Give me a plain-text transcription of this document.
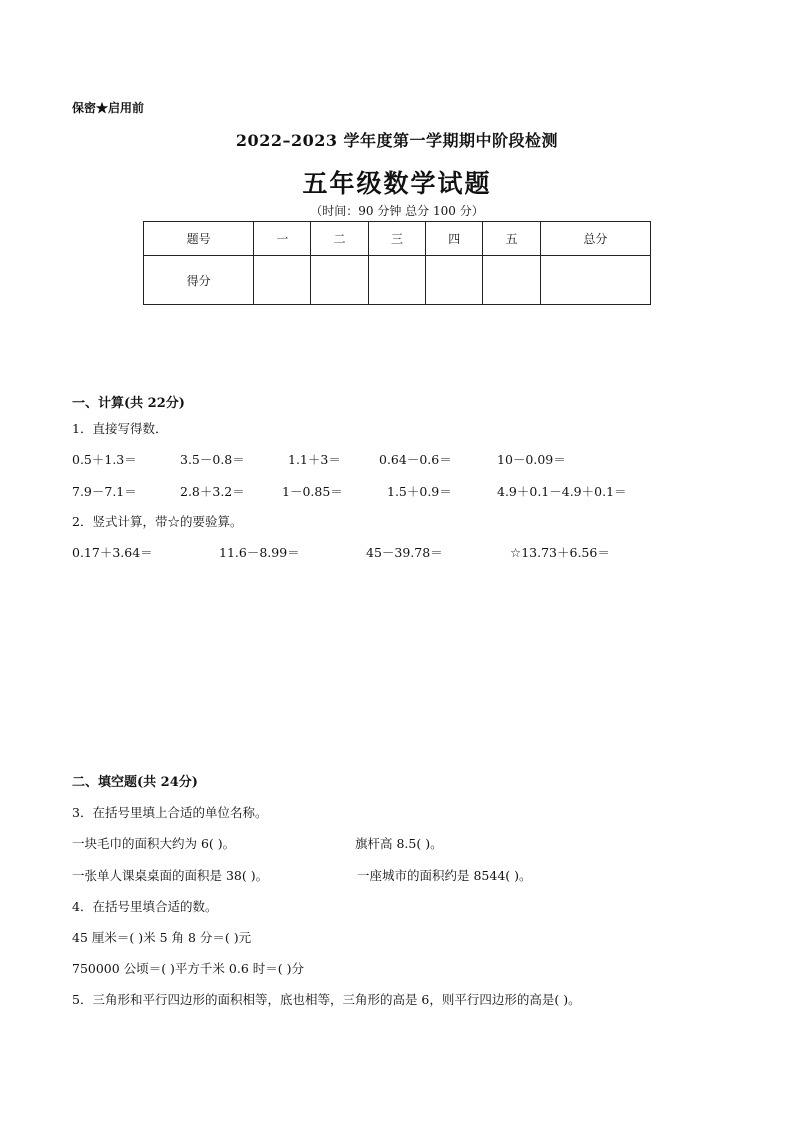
保密★启用前
2022–2023 学年度第一学期期中阶段检测
五年级数学试题
（时间：90 分钟 总分 100 分）
题号	一	二	三	四	五	总分
得分						
一、计算(共 22分)
1．直接写得数．
0.5＋1.3＝	3.5－0.8＝	1.1＋3＝	0.64－0.6＝	10－0.09＝
7.9－7.1＝	2.8＋3.2＝	1－0.85＝	1.5＋0.9＝	4.9＋0.1－4.9＋0.1＝
2．竖式计算，带☆的要验算。
0.17＋3.64＝	11.6－8.99＝	45－39.78＝	☆13.73＋6.56＝
二、填空题(共 24分)
3．在括号里填上合适的单位名称。
一块毛巾的面积大约为 6( )。	旗杆高 8.5( )。
一张单人课桌桌面的面积是 38( )。	一座城市的面积约是 8544( )。
4．在括号里填合适的数。
45 厘米＝( )米 5 角 8 分＝( )元
750000 公顷＝( )平方千米 0.6 时＝( )分
5．三角形和平行四边形的面积相等，底也相等，三角形的高是 6，则平行四边形的高是( )。
